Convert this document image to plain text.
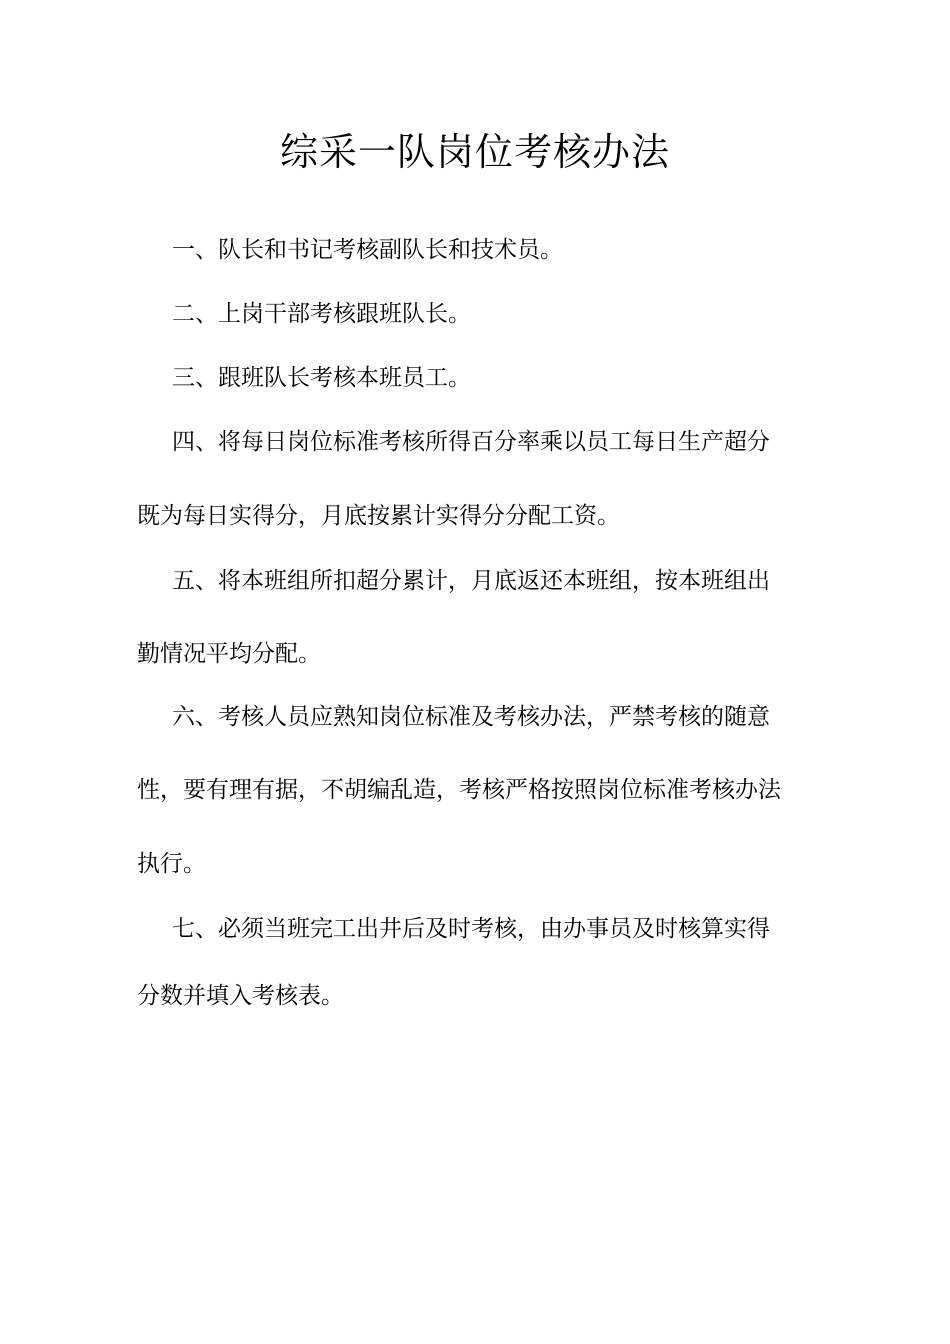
综采一队岗位考核办法

一、队长和书记考核副队长和技术员。

二、上岗干部考核跟班队长。

三、跟班队长考核本班员工。

四、将每日岗位标准考核所得百分率乘以员工每日生产超分

既为每日实得分，月底按累计实得分分配工资。

五、将本班组所扣超分累计，月底返还本班组，按本班组出

勤情况平均分配。

六、考核人员应熟知岗位标准及考核办法，严禁考核的随意

性，要有理有据，不胡编乱造，考核严格按照岗位标准考核办法

执行。

七、必须当班完工出井后及时考核，由办事员及时核算实得

分数并填入考核表。
